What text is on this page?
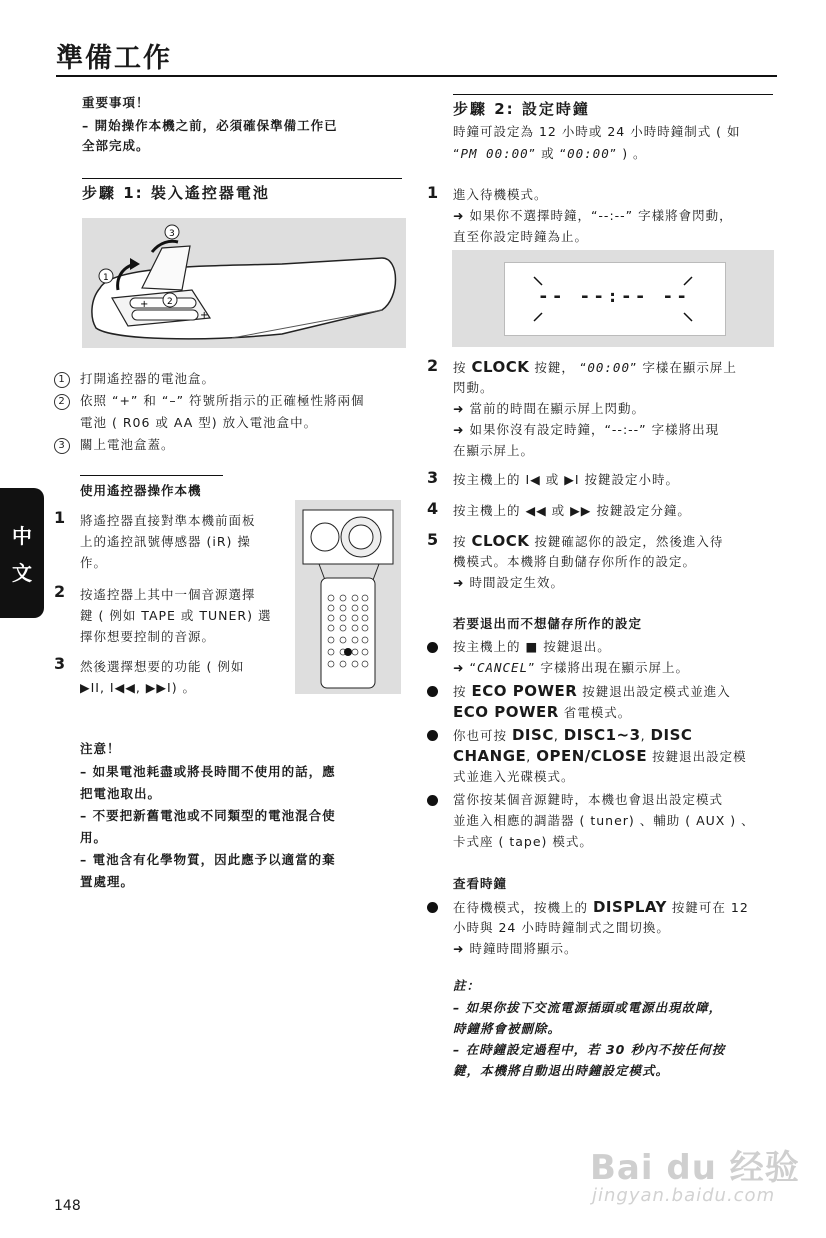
準備工作
中
文
重要事項！
– 開始操作本機之前，必須確保準備工作已
全部完成。
步驟 1: 裝入遙控器電池
+
+
1
2
3
1 打開遙控器的電池盒。
2 依照 “+” 和 “–” 符號所指示的正確極性將兩個
電池 ( R06 或 AA 型) 放入電池盒中。
3 關上電池盒蓋。
使用遙控器操作本機
1 將遙控器直接對準本機前面板
上的遙控訊號傳感器 (iR) 操
作。
2 按遙控器上其中一個音源選擇
鍵 ( 例如 TAPE 或 TUNER) 選
擇你想要控制的音源。
3 然後選擇想要的功能 ( 例如
▶II, I◀◀, ▶▶I) 。
注意！
– 如果電池耗盡或將長時間不使用的話，應
把電池取出。
– 不要把新舊電池或不同類型的電池混合使
用。
– 電池含有化學物質，因此應予以適當的棄
置處理。
步驟 2: 設定時鐘
時鐘可設定為 12 小時或 24 小時時鐘制式 ( 如
“PM 00:00” 或 “00:00” ) 。
1 進入待機模式。
➜ 如果你不選擇時鐘，“--:--” 字樣將會閃動，
直至你設定時鐘為止。
-- --:-- --
2 按 CLOCK 按鍵， “00:00” 字樣在顯示屏上
閃動。
➜ 當前的時間在顯示屏上閃動。
➜ 如果你沒有設定時鐘，“--:--” 字樣將出現
在顯示屏上。
3 按主機上的 I◀ 或 ▶I 按鍵設定小時。
4 按主機上的 ◀◀ 或 ▶▶ 按鍵設定分鐘。
5 按 CLOCK 按鍵確認你的設定，然後進入待
機模式。本機將自動儲存你所作的設定。
➜ 時間設定生效。
若要退出而不想儲存所作的設定
按主機上的 ■ 按鍵退出。
➜ “CANCEL” 字樣將出現在顯示屏上。
按 ECO POWER 按鍵退出設定模式並進入
ECO POWER 省電模式。
你也可按 DISC, DISC1~3, DISC
CHANGE, OPEN/CLOSE 按鍵退出設定模
式並進入光碟模式。
當你按某個音源鍵時，本機也會退出設定模式
並進入相應的調諧器 ( tuner) 、輔助 ( AUX ) 、
卡式座 ( tape) 模式。
查看時鐘
在待機模式，按機上的 DISPLAY 按鍵可在 12
小時與 24 小時時鐘制式之間切換。
➜ 時鐘時間將顯示。
註：
– 如果你拔下交流電源插頭或電源出現故障，
時鐘將會被刪除。
– 在時鐘設定過程中，若 30 秒內不按任何按
鍵，本機將自動退出時鐘設定模式。
148
Bai du 经验
jingyan.baidu.com
